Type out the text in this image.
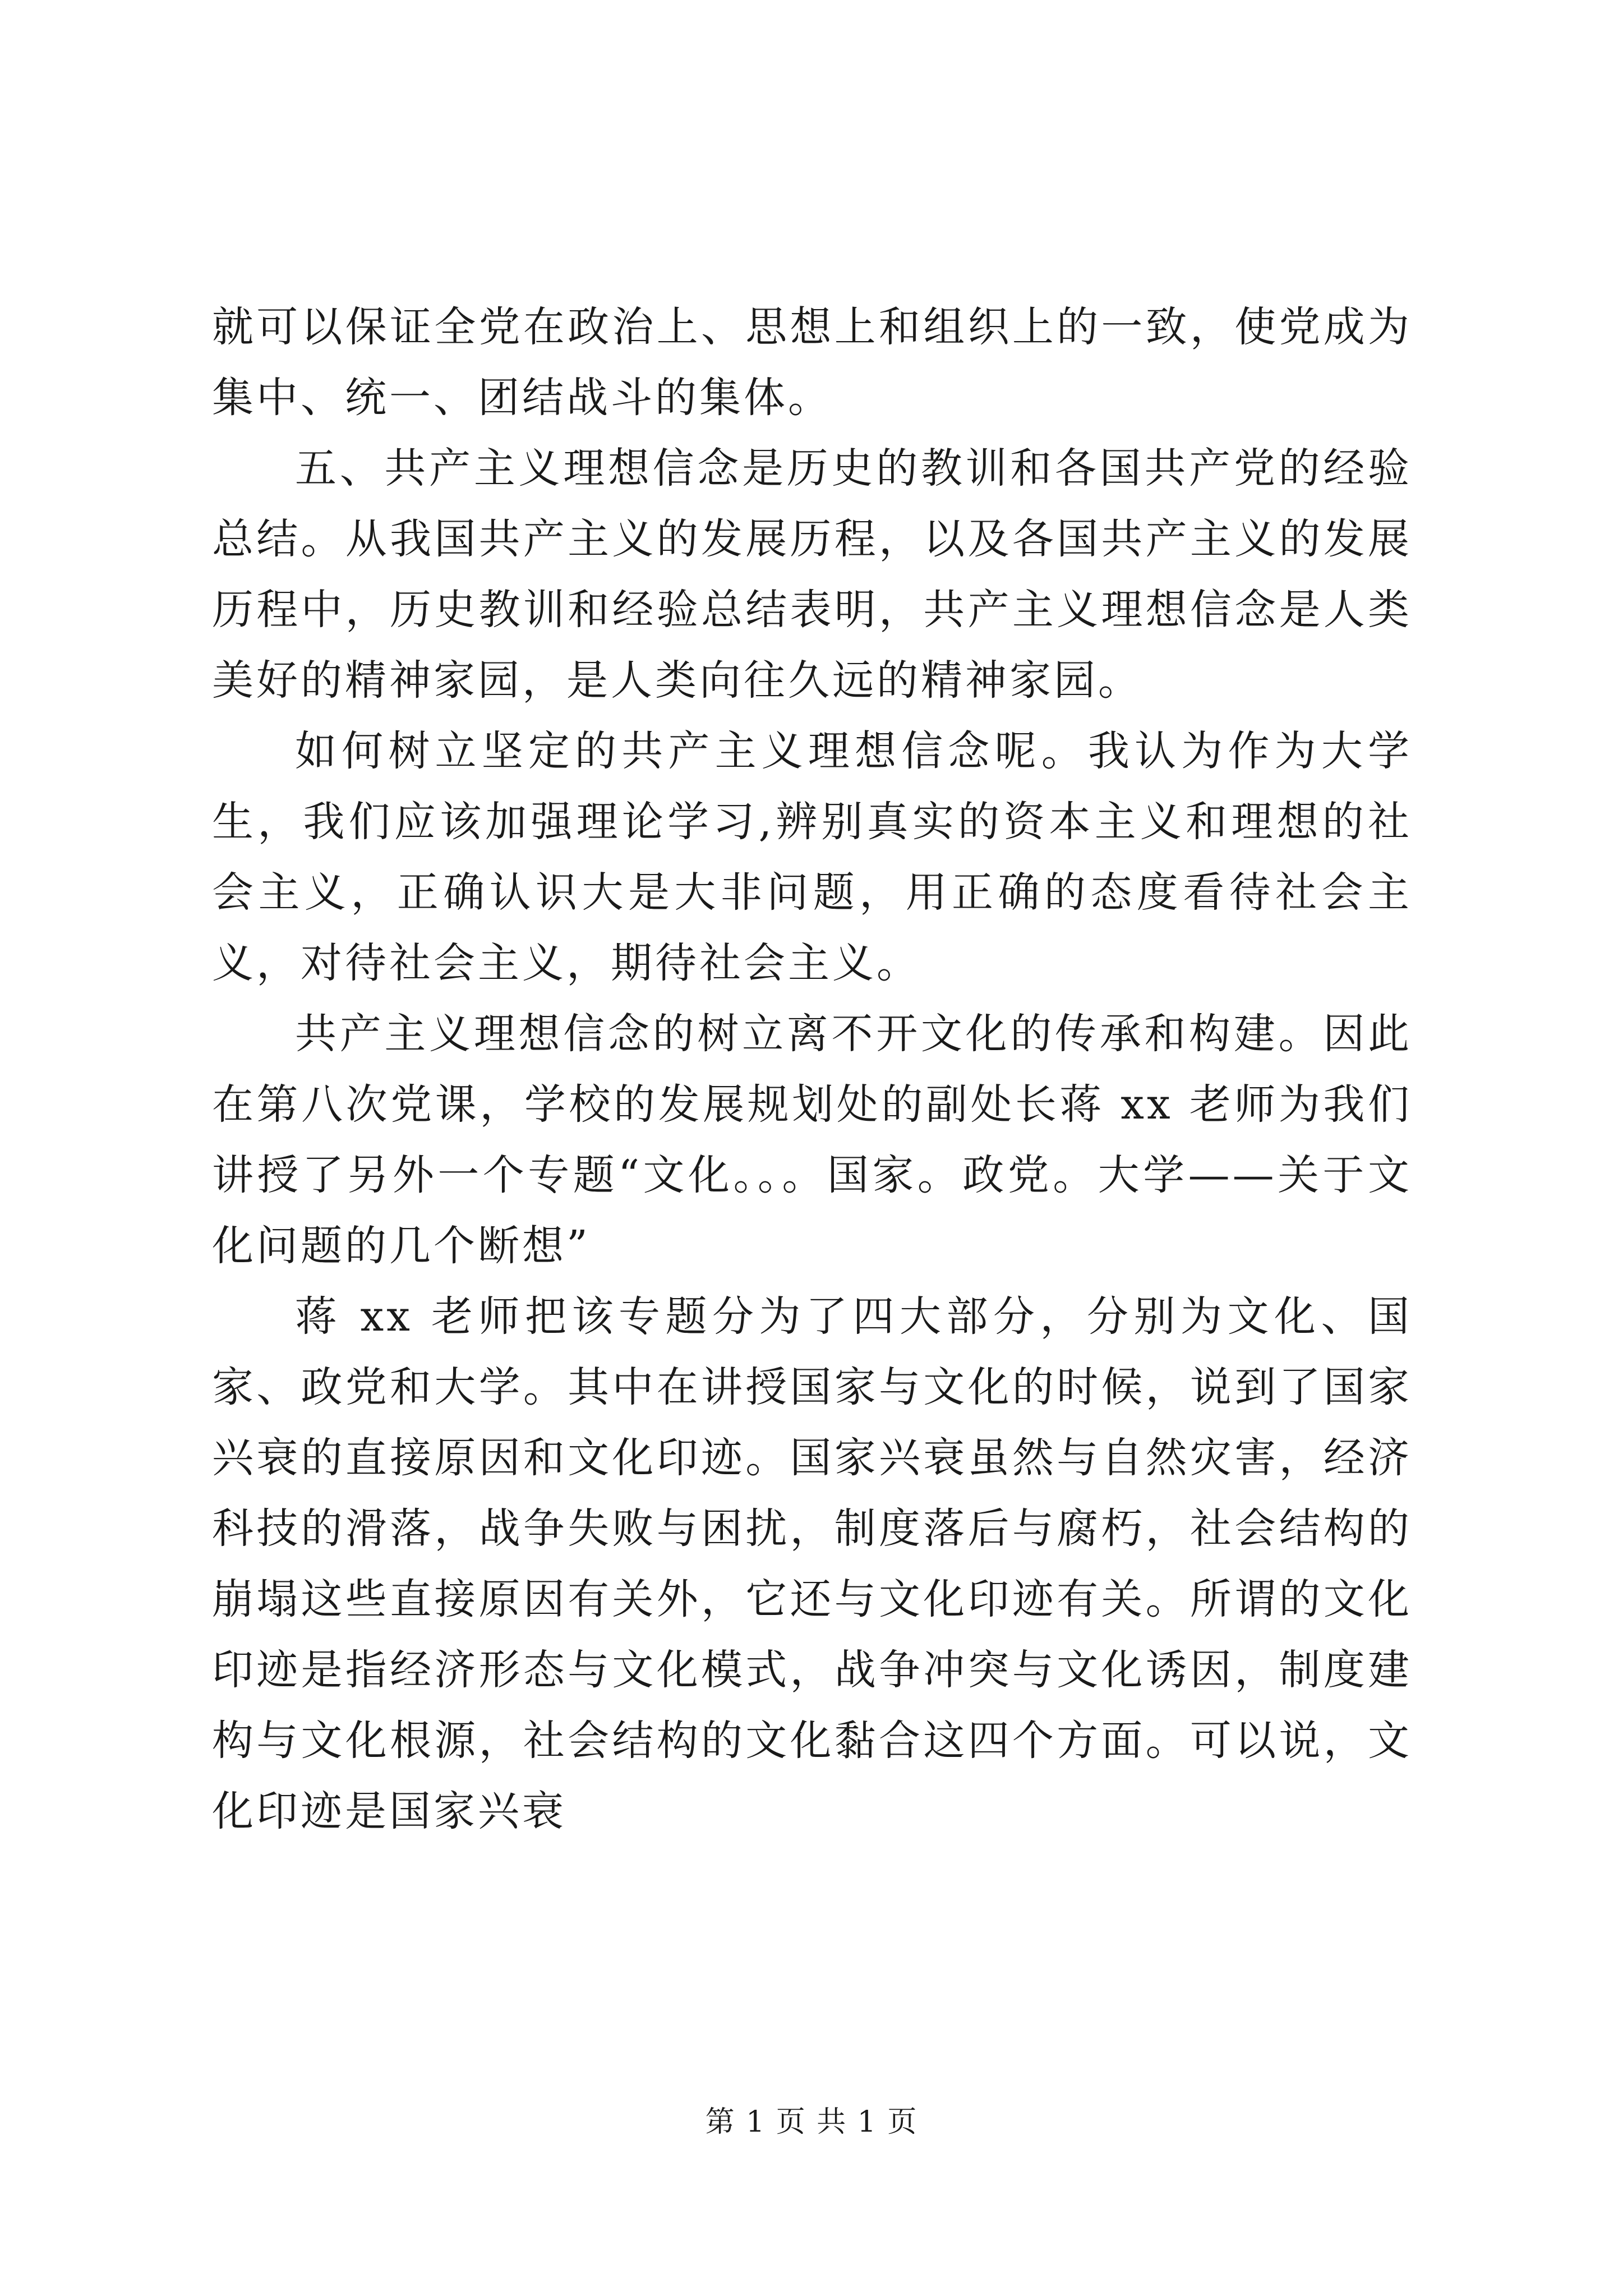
就可以保证全党在政治上、思想上和组织上的一致，使党成为集中、统一、团结战斗的集体。

五、共产主义理想信念是历史的教训和各国共产党的经验总结。从我国共产主义的发展历程，以及各国共产主义的发展历程中，历史教训和经验总结表明，共产主义理想信念是人类美好的精神家园，是人类向往久远的精神家园。

如何树立坚定的共产主义理想信念呢。我认为作为大学生，我们应该加强理论学习,辨别真实的资本主义和理想的社会主义，正确认识大是大非问题，用正确的态度看待社会主义，对待社会主义，期待社会主义。

共产主义理想信念的树立离不开文化的传承和构建。因此在第八次党课，学校的发展规划处的副处长蒋 xx 老师为我们讲授了另外一个专题“文化。。。国家。政党。大学——关于文化问题的几个断想”

蒋 xx 老师把该专题分为了四大部分，分别为文化、国家、政党和大学。其中在讲授国家与文化的时候，说到了国家兴衰的直接原因和文化印迹。国家兴衰虽然与自然灾害，经济科技的滑落，战争失败与困扰，制度落后与腐朽，社会结构的崩塌这些直接原因有关外，它还与文化印迹有关。所谓的文化印迹是指经济形态与文化模式，战争冲突与文化诱因，制度建构与文化根源，社会结构的文化黏合这四个方面。可以说，文化印迹是国家兴衰

第 1 页 共 1 页
